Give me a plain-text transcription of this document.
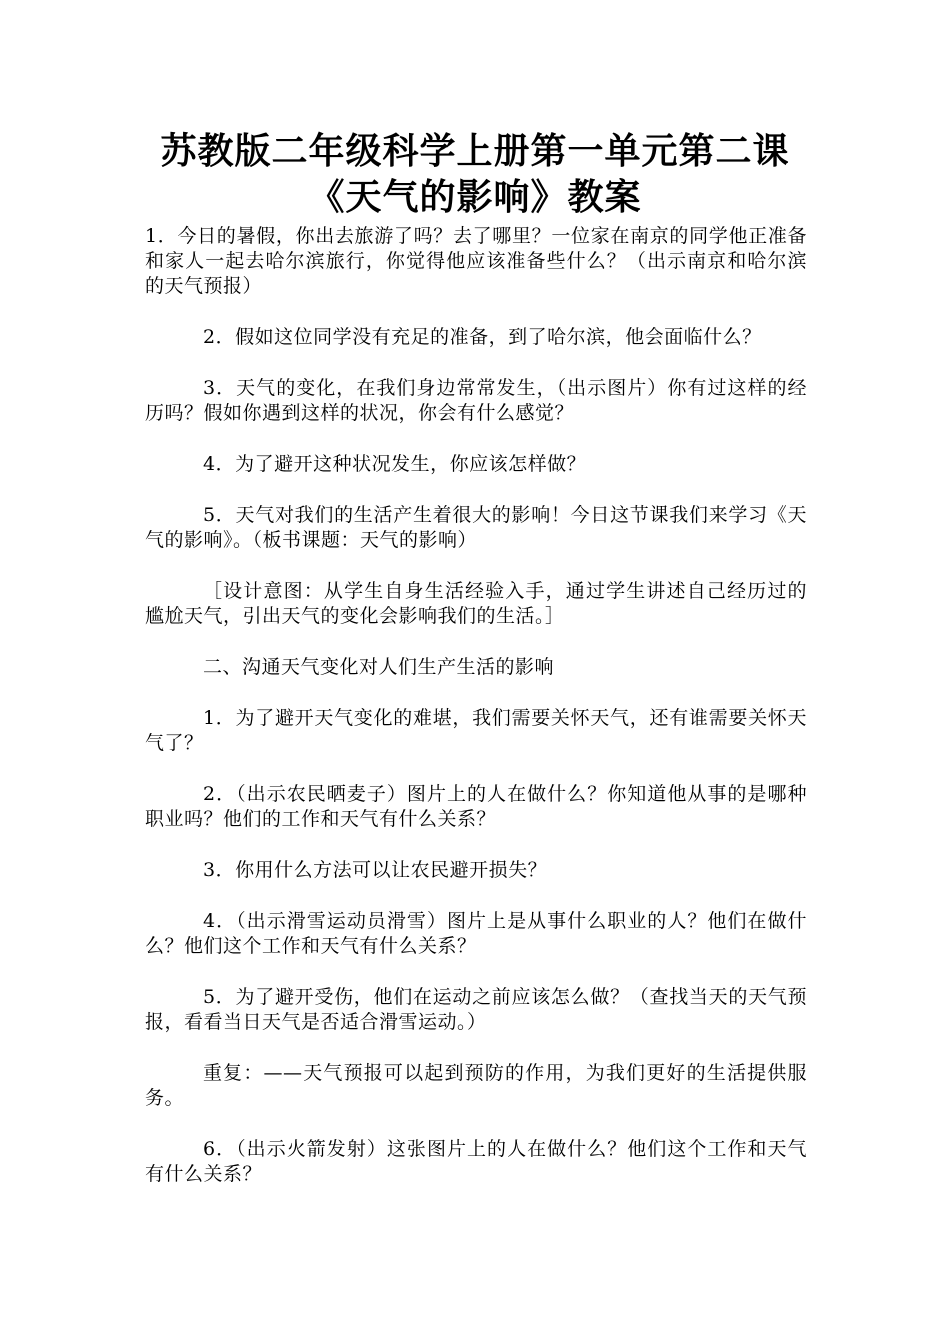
苏教版二年级科学上册第一单元第二课
《天气的影响》教案

1．今日的暑假，你出去旅游了吗？去了哪里？一位家在南京的同学他正准备和家人一起去哈尔滨旅行，你觉得他应该准备些什么？（出示南京和哈尔滨的天气预报）

2．假如这位同学没有充足的准备，到了哈尔滨，他会面临什么？

3．天气的变化，在我们身边常常发生，（出示图片）你有过这样的经历吗？假如你遇到这样的状况，你会有什么感觉？

4．为了避开这种状况发生，你应该怎样做？

5．天气对我们的生活产生着很大的影响！今日这节课我们来学习《天气的影响》。（板书课题：天气的影响）

［设计意图：从学生自身生活经验入手，通过学生讲述自己经历过的尴尬天气，引出天气的变化会影响我们的生活。］

二、沟通天气变化对人们生产生活的影响

1．为了避开天气变化的难堪，我们需要关怀天气，还有谁需要关怀天气了？

2．（出示农民晒麦子）图片上的人在做什么？你知道他从事的是哪种职业吗？他们的工作和天气有什么关系？

3．你用什么方法可以让农民避开损失？

4．（出示滑雪运动员滑雪）图片上是从事什么职业的人？他们在做什么？他们这个工作和天气有什么关系？

5．为了避开受伤，他们在运动之前应该怎么做？（查找当天的天气预报，看看当日天气是否适合滑雪运动。）

重复：——天气预报可以起到预防的作用，为我们更好的生活提供服务。

6．（出示火箭发射）这张图片上的人在做什么？他们这个工作和天气有什么关系？
